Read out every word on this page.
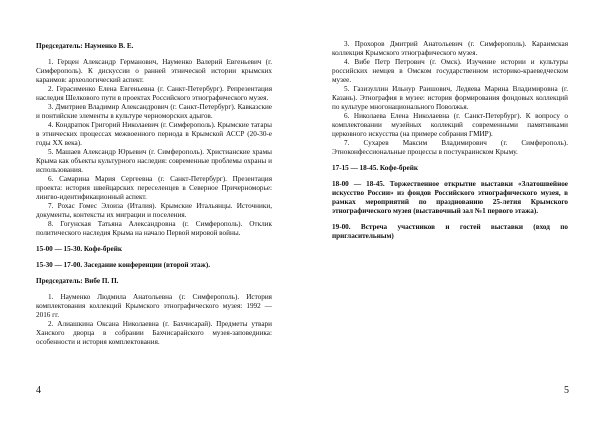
Председатель: Науменко В. Е.

1. Герцен Александр Германович, Науменко Валерий Евгеньевич (г. Симферополь). К дискуссии о ранней этнической истории крымских караимов: археологический аспект.

2. Герасименко Елена Евгеньевна (г. Санкт-Петербург). Репрезентация наследия Шелкового пути в проектах Российского этнографического музея.

3. Дмитриев Владимир Александрович (г. Санкт-Петербург). Кавказские и понтийские элементы в культуре черноморских адыгов.

4. Кондратюк Григорий Николаевич (г. Симферополь). Крымские татары в этнических процессах межвоенного периода в Крымской АССР (20-30-е годы XX века).

5. Машаев Александр Юрьевич (г. Симферополь). Христианские храмы Крыма как объекты культурного наследия: современные проблемы охраны и использования.

6. Самарина Мария Сергеевна (г. Санкт-Петербург). Презентация проекта: история швейцарских переселенцев в Северное Причерноморье: лингво-идентификационный аспект.

7. Рохас Гомес Элоиза (Италия). Крымские Итальянцы. Источники, документы, контексты их миграции и поселения.

8. Гогунская Татьяна Александровна (г. Симферополь). Отклик политического наследия Крыма на начало Первой мировой войны.

15-00 — 15-30. Кофе-брейк

15-30 — 17-00. Заседание конференции (второй этаж).

Председатель: Вибе П. П.

1. Науменко Людмила Анатольевна (г. Симферополь). История комплектования коллекций Крымского этнографического музея: 1992 — 2016 гг.

2. Алиашкина Оксана Николаевна (г. Бахчисарай). Предметы утвари Ханского дворца в собрании Бахчисарайского музея-заповедника: особенности и история комплектования.

4

3. Прохоров Дмитрий Анатольевич (г. Симферополь). Караимская коллекция Крымского этнографического музея.

4. Вибе Петр Петрович (г. Омск). Изучение истории и культуры российских немцев в Омском государственном историко-краеведческом музее.

5. Газизуллин Ильнур Раишович, Ледяева Марина Владимировна (г. Казань). Этнография в музее: история формирования фондовых коллекций по культуре многонационального Поволжья.

6. Николаева Елена Николаевна (г. Санкт-Петербург). К вопросу о комплектовании музейных коллекций современными памятниками церковного искусства (на примере собрания ГМИР).

7. Сухарев Максим Владимирович (г. Симферополь). Этноконфессиональные процессы в постукраинском Крыму.

17-15 — 18-45. Кофе-брейк

18-00 — 18-45. Торжественное открытие выставки «Златошвейное искусство России» из фондов Российского этнографического музея, в рамках мероприятий по празднованию 25-летия Крымского этнографического музея (выставочный зал №1 первого этажа).

19-00. Встреча участников и гостей выставки (вход по пригласительным)

5
